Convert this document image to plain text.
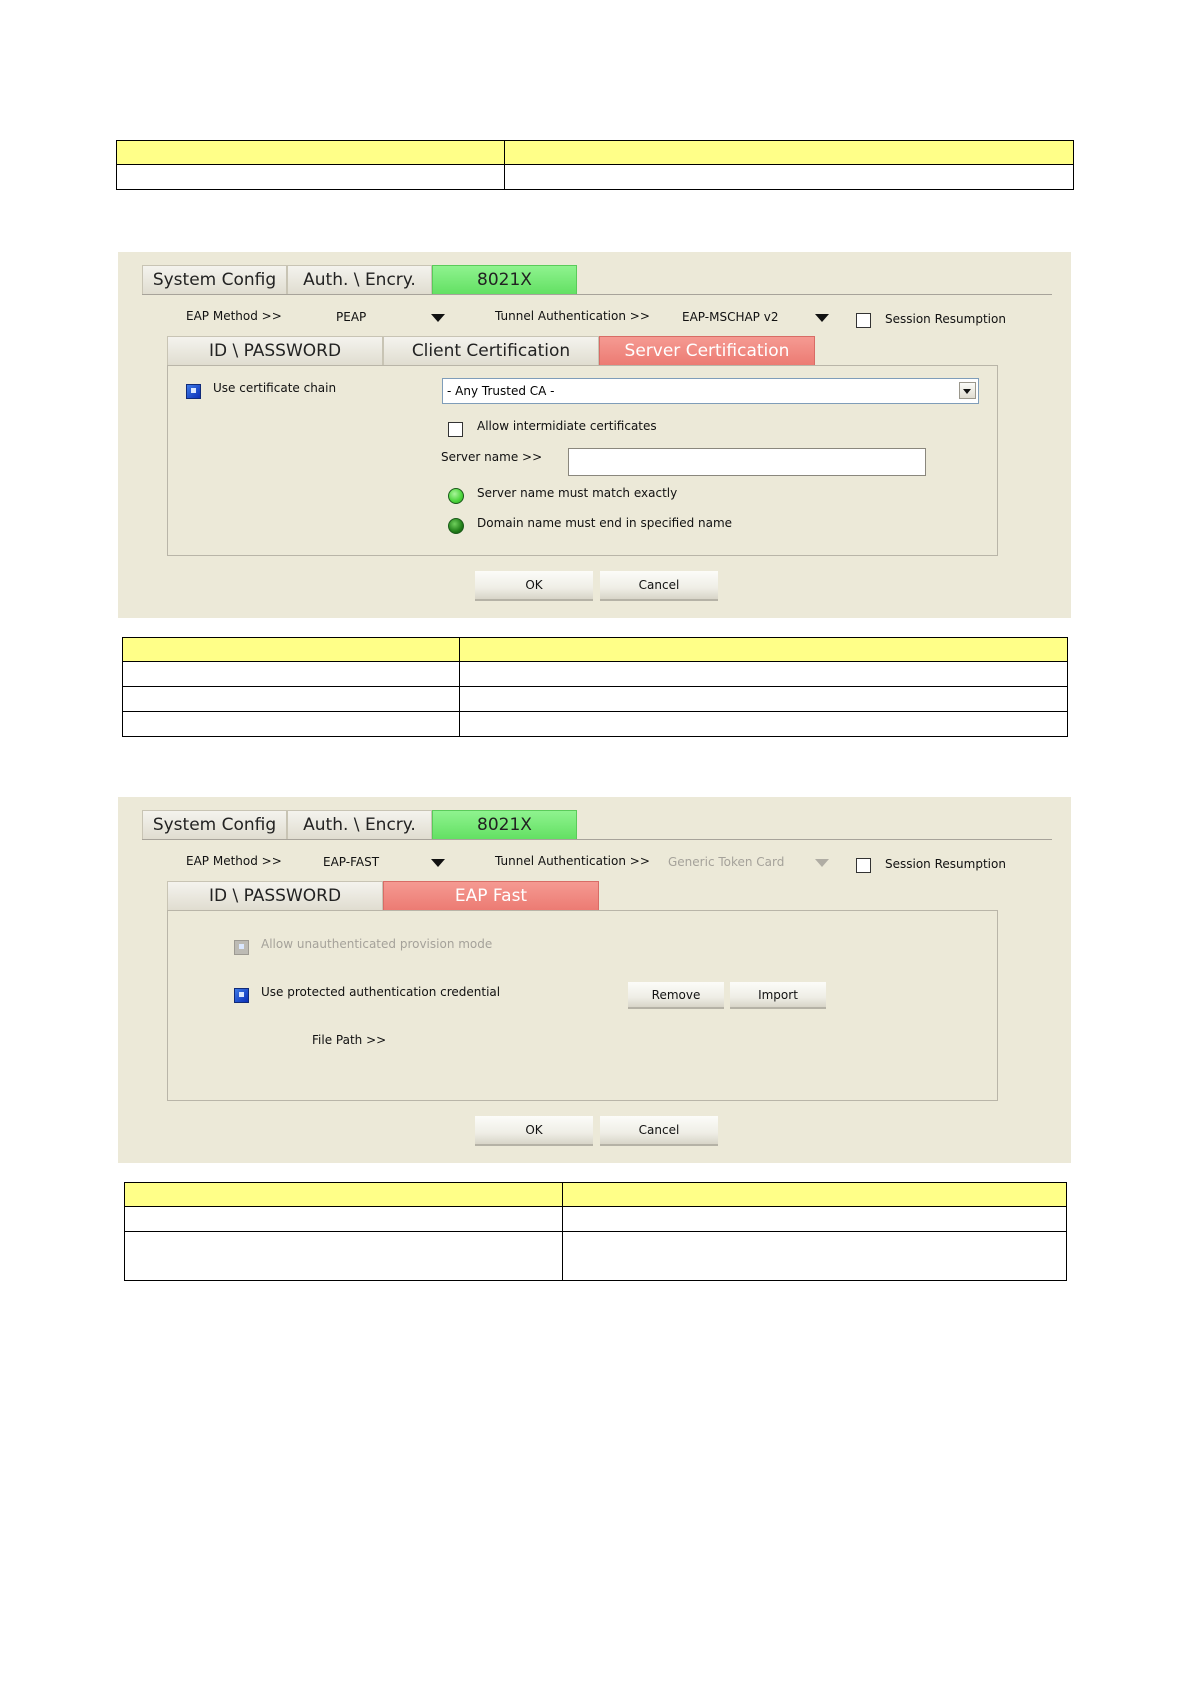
System Config	Auth. \ Encry.	8021X
EAP Method >>	PEAP	Tunnel Authentication >>	EAP-MSCHAP v2	Session Resumption
ID \ PASSWORD	Client Certification	Server Certification
Use certificate chain	- Any Trusted CA -
Allow intermidiate certificates
Server name >>
Server name must match exactly
Domain name must end in specified name
OK	Cancel

System Config	Auth. \ Encry.	8021X
EAP Method >>	EAP-FAST	Tunnel Authentication >> Generic Token Card	Session Resumption
ID \ PASSWORD	EAP Fast
Allow unauthenticated provision mode
Use protected authentication credential	Remove	Import
File Path >>
OK	Cancel
